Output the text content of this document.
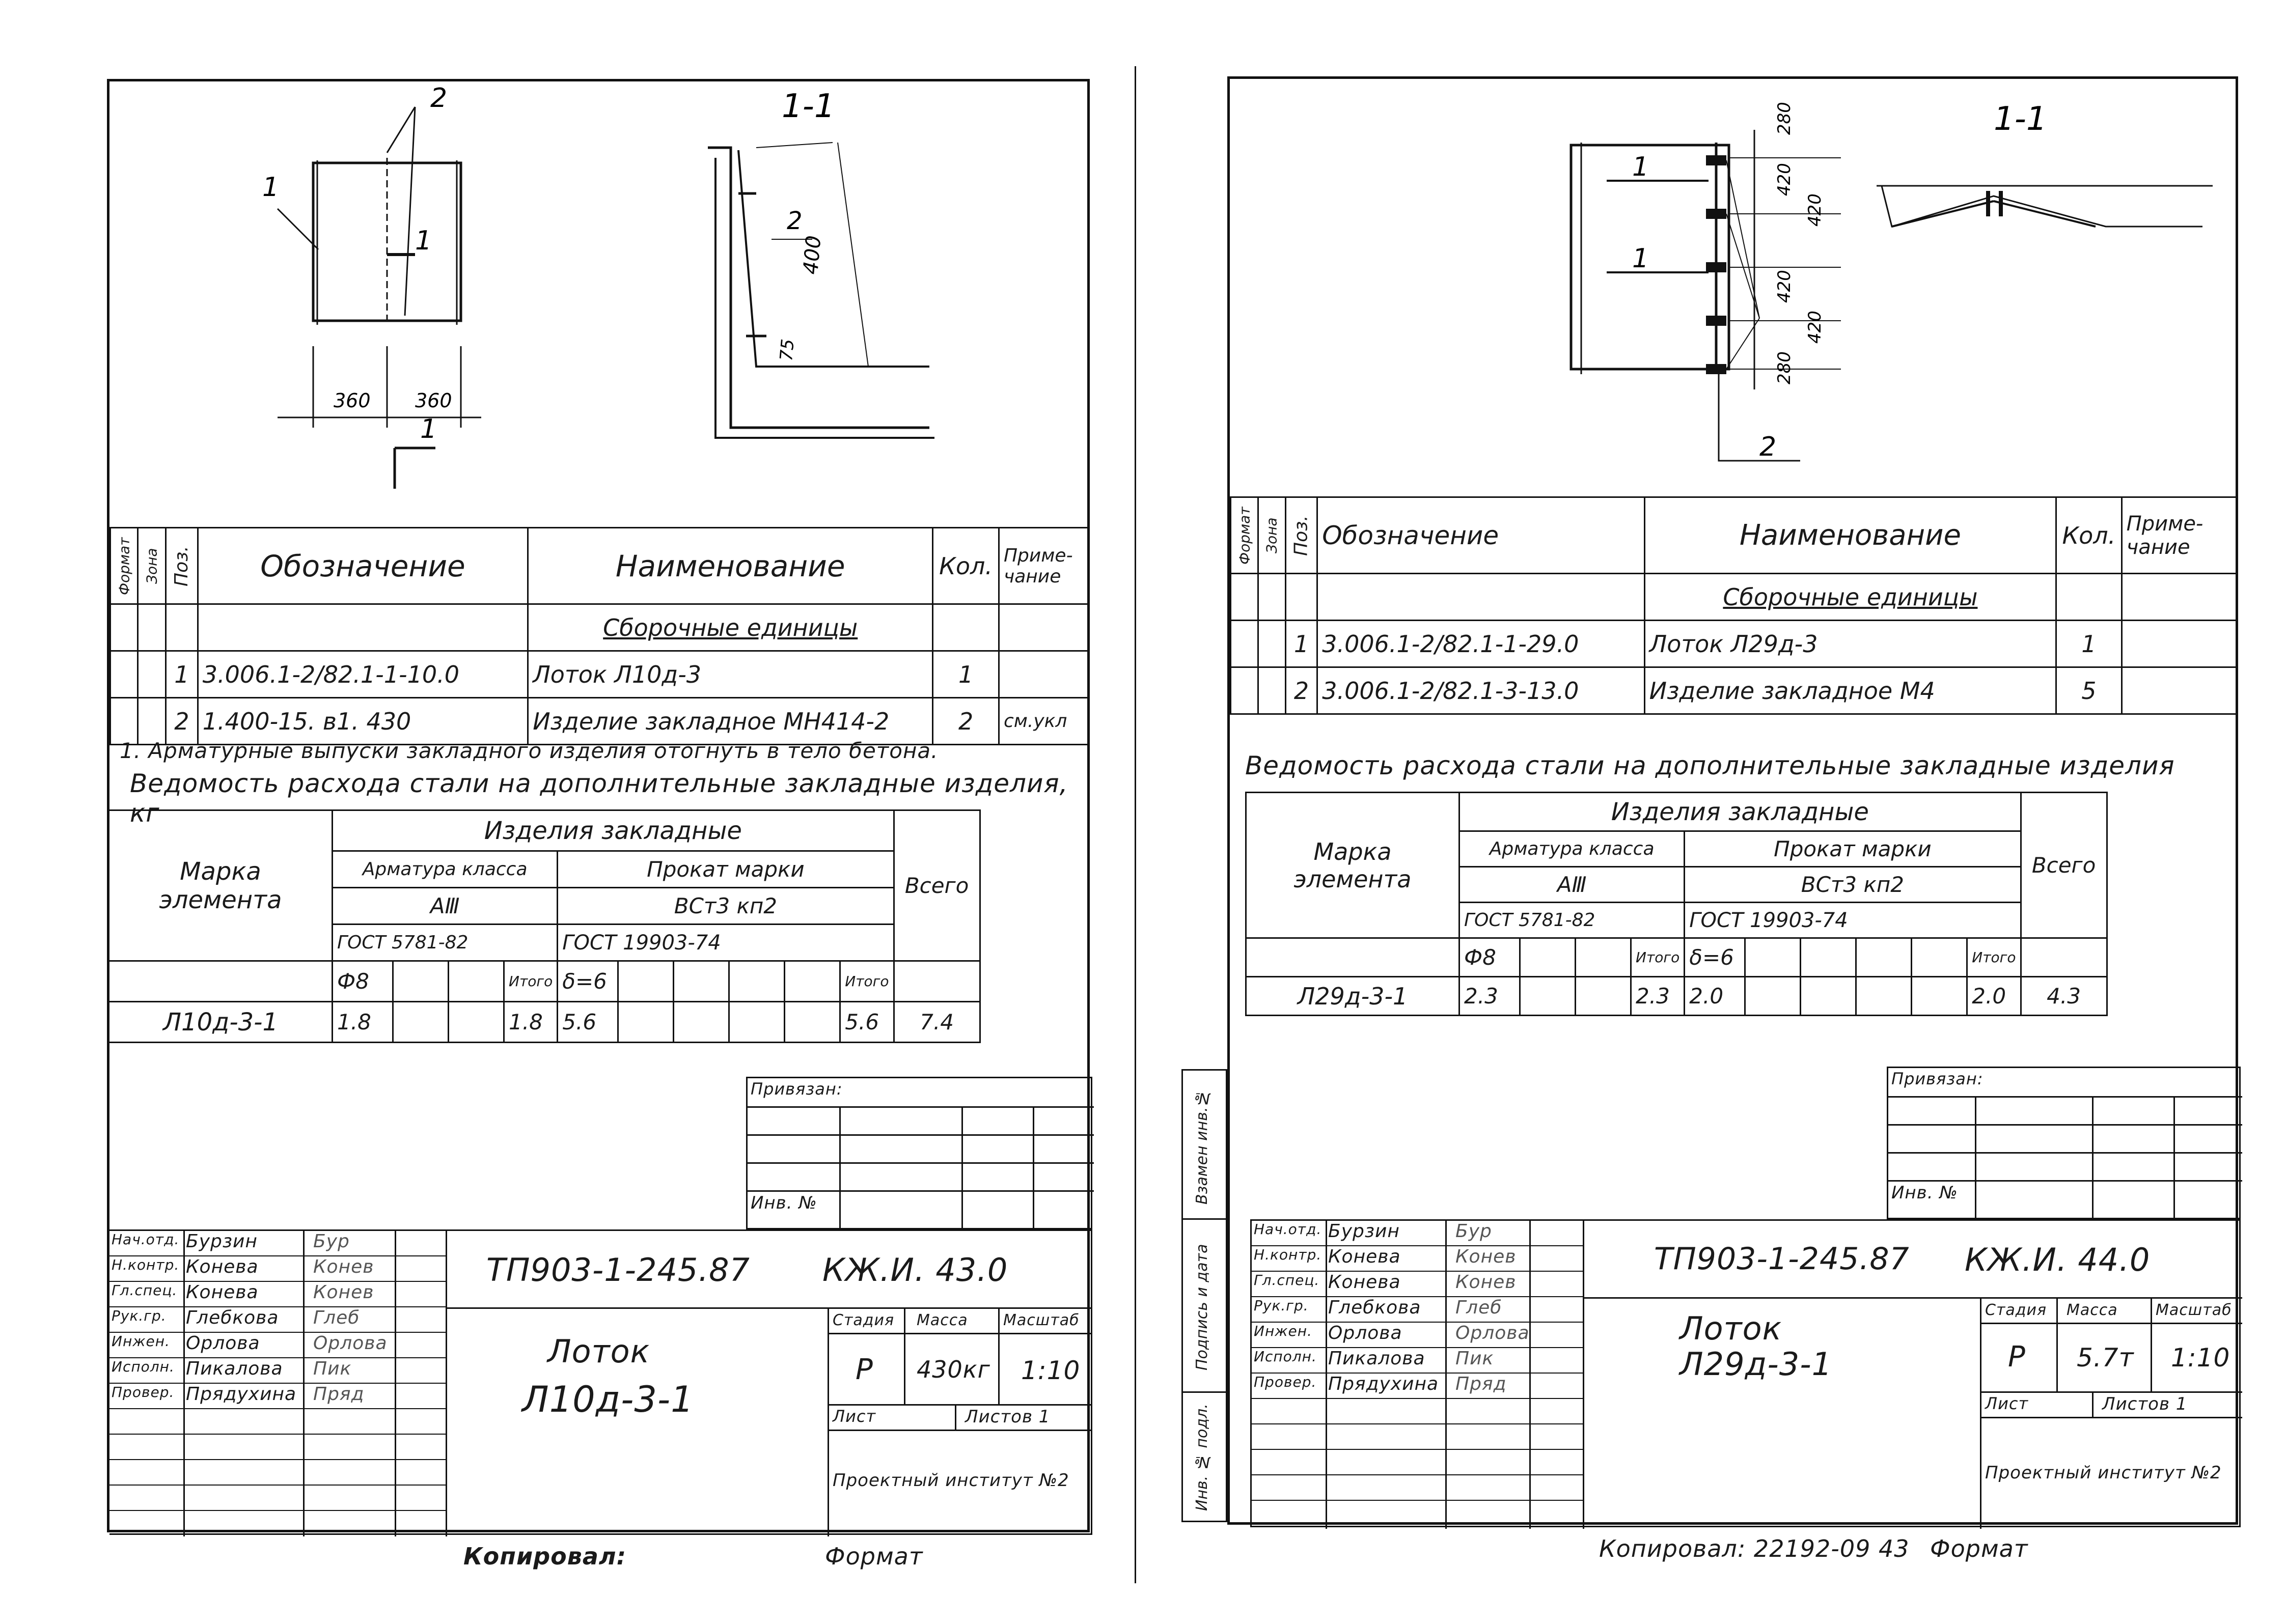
1
2
1
1
360 360
1-1
2
400
75
Формат	Зона	Поз.	Обозначение	Наименование	Кол.	Приме-чание
				Сборочные единицы		
		1	3.006.1-2/82.1-1-10.0	Лоток Л10д-3	1	
		2	1.400-15. в1. 430	Изделие закладное МН414-2	2	см.укл
1. Арматурные выпуски закладного изделия отогнуть в тело бетона.
Ведомость расхода стали на дополнительные закладные изделия, кг
Марка
элемента	Изделия закладные										Всего
	Арматура класса				Прокат марки						
	АⅢ				ВСт3 кп2						
	ГОСТ 5781-82				ГОСТ 19903-74						
	Ф8			Итого	δ=6					Итого	
Л10д-3-1	1.8			1.8	5.6					5.6	7.4
Привязан:
Инв. №
Нач.отд. Бурзин	Бур
Н.контр. Конева	Конев
Гл.спец. Конева	Конев
Рук.гр. Глебкова Глеб
Инжен. Орлова	Орлова
Исполн. Пикалова Пик
Провер. Прядухина Пряд
ТП903-1-245.87 КЖ.И. 43.0
Лоток
Л10д-3-1
Стадия Масса Масштаб
Р 430кг 1:10
Лист	Листов 1
Проектный институт №2
Копировал:	Формат
1
1
2
280
420
420
420
420
280
1-1
Формат	Зона	Поз.	Обозначение	Наименование	Кол.	Приме-чание
				Сборочные единицы		
		1	3.006.1-2/82.1-1-29.0	Лоток Л29д-3	1	
		2	3.006.1-2/82.1-3-13.0	Изделие закладное М4	5	
Ведомость расхода стали на дополнительные закладные изделия
Марка
элемента	Изделия закладные										Всего
	Арматура класса				Прокат марки						
	АⅢ				ВСт3 кп2						
	ГОСТ 5781-82				ГОСТ 19903-74						
	Ф8			Итого	δ=6					Итого	
Л29д-3-1	2.3			2.3	2.0					2.0	4.3
Привязан:
Инв. №
Нач.отд. Бурзин	Бур
Н.контр. Конева	Конев
Гл.спец. Конева	Конев
Рук.гр. Глебкова Глеб
Инжен. Орлова	Орлова
Исполн. Пикалова Пик
Провер. Прядухина Пряд
ТП903-1-245.87 КЖ.И. 44.0
Лоток
Л29д-3-1
Стадия Масса Масштаб
Р 5.7т 1:10
Лист	Листов 1
Проектный институт №2
Инв. № подл.
Подпись и дата
Взамен инв.№
Копировал: 22192-09 43 Формат
